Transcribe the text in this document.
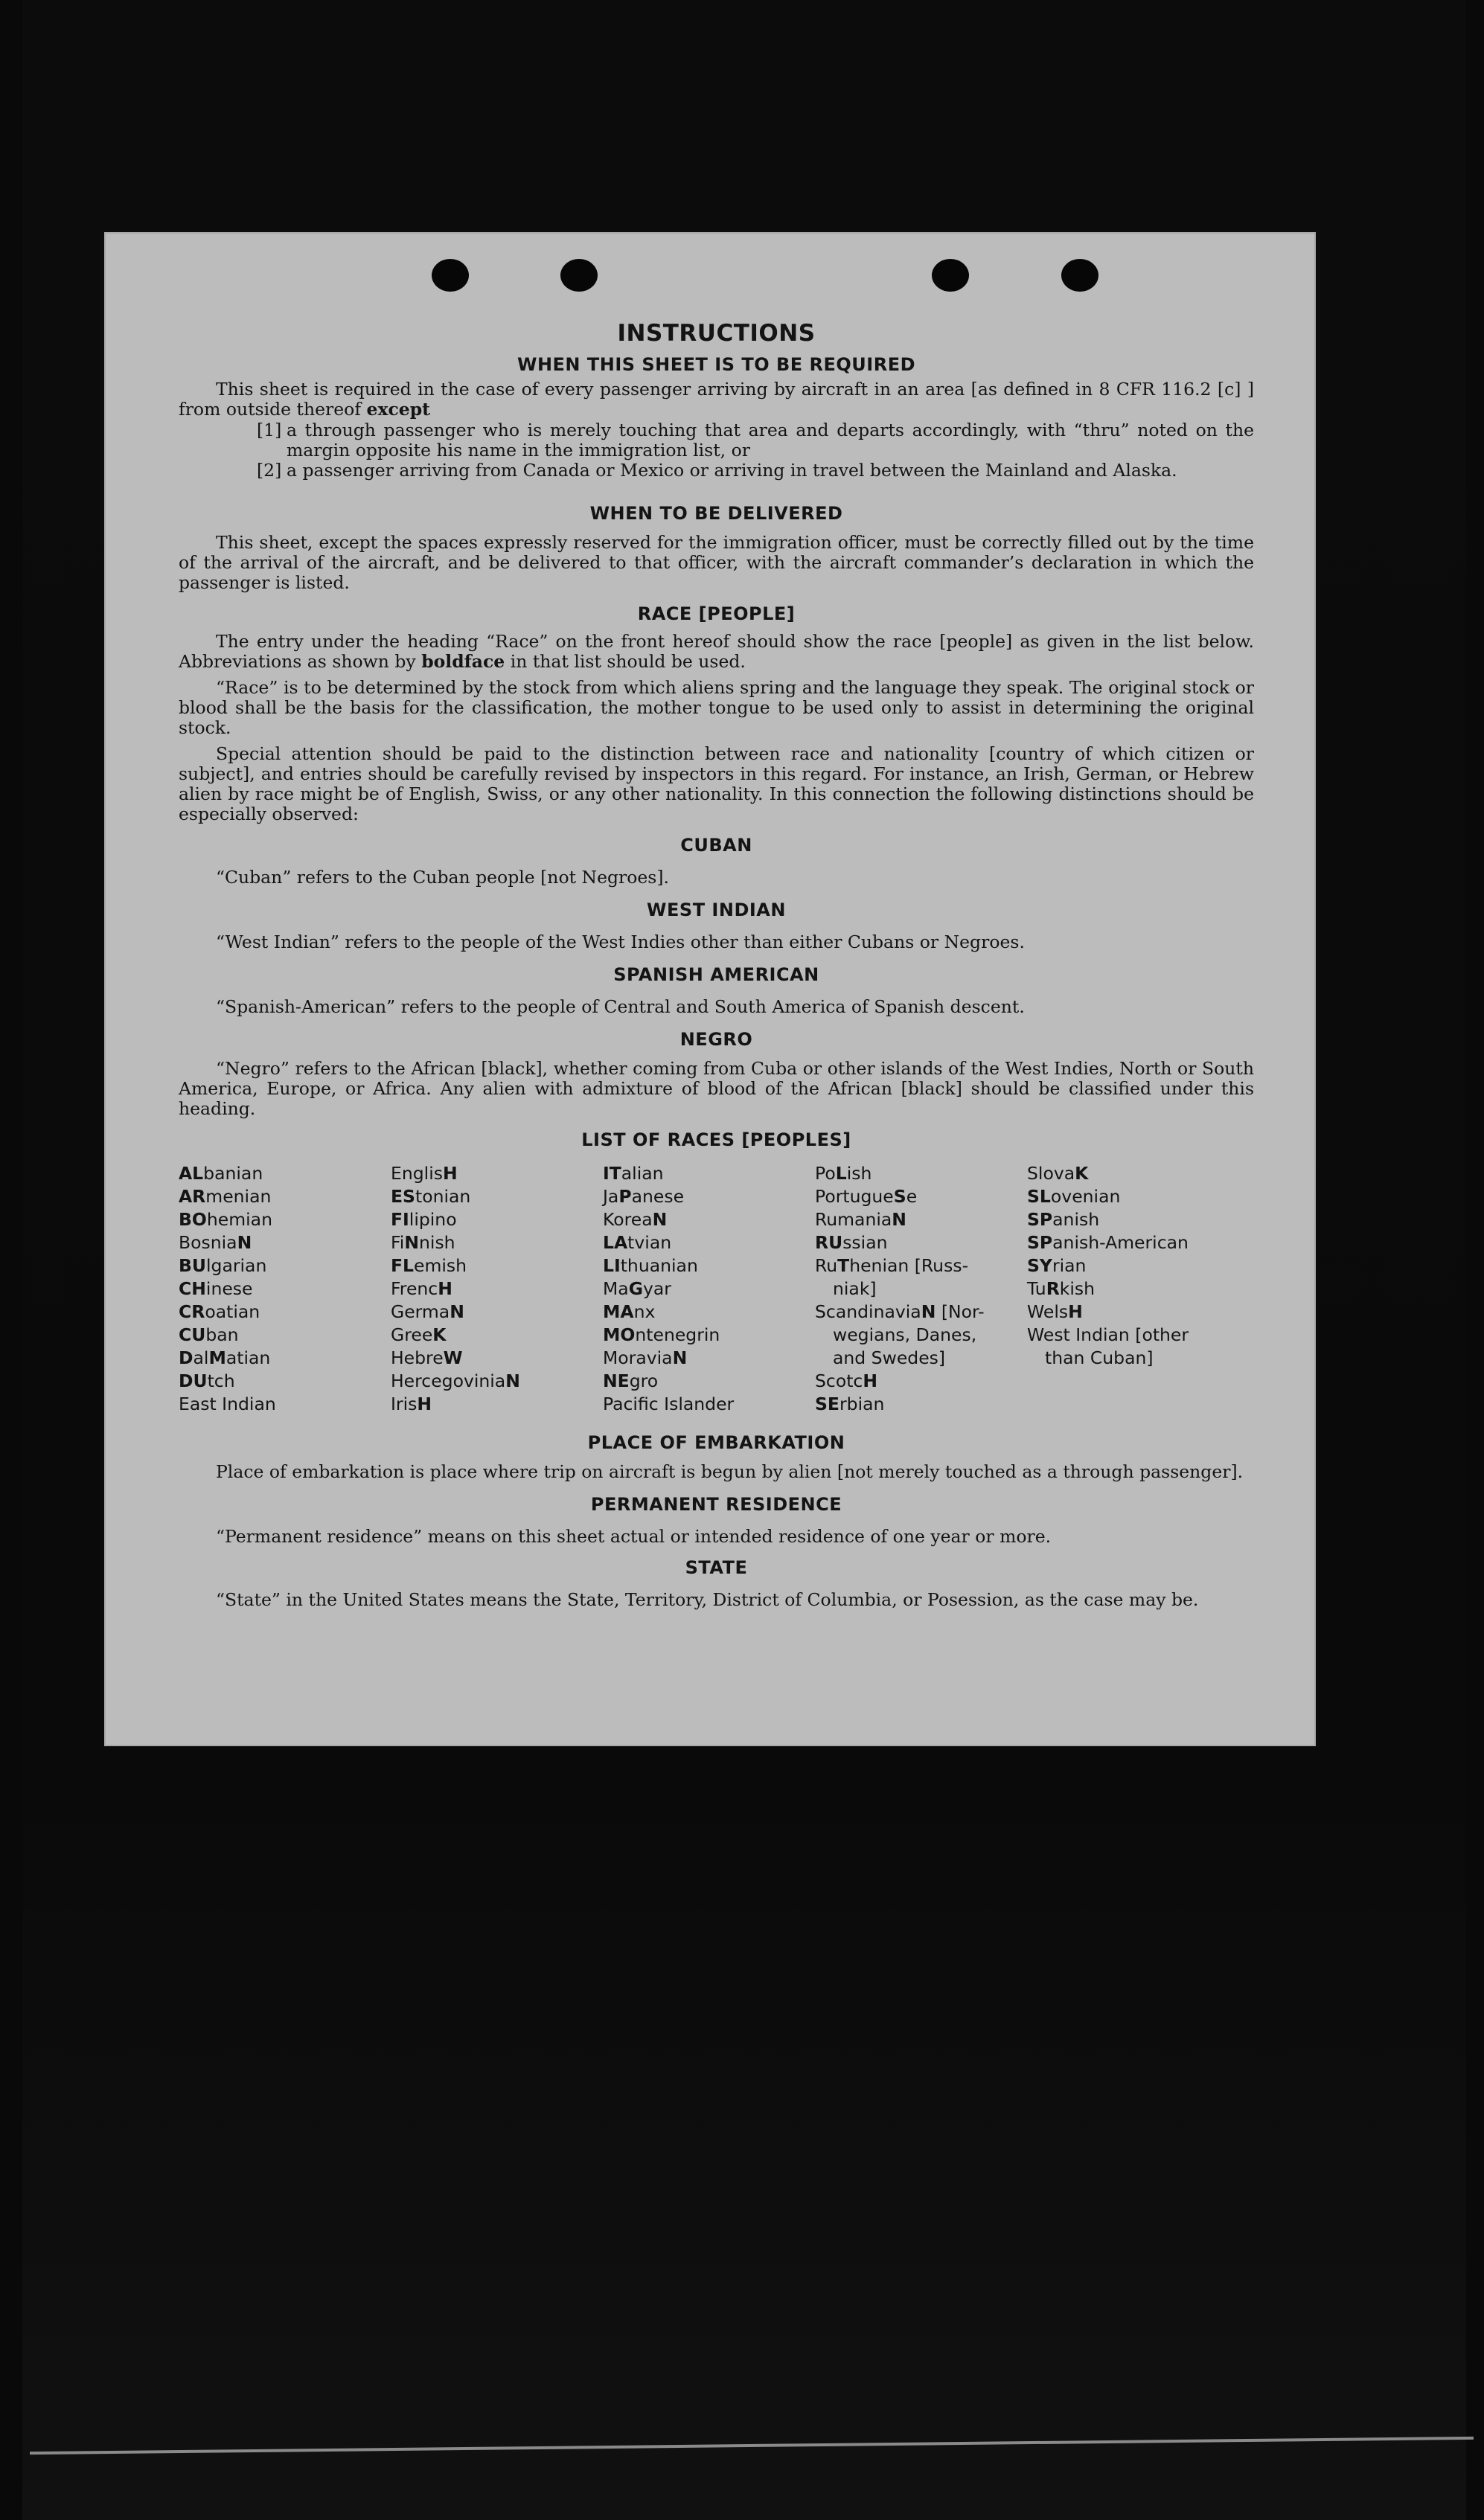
INSTRUCTIONS
WHEN THIS SHEET IS TO BE REQUIRED

This sheet is required in the case of every passenger arriving by aircraft in an area [as defined in 8 CFR 116.2 [c] ] from outside thereof except

[1] a through passenger who is merely touching that area and departs accordingly, with “thru” noted on the margin opposite his name in the immigration list, or
[2] a passenger arriving from Canada or Mexico or arriving in travel between the Mainland and Alaska.
WHEN TO BE DELIVERED

This sheet, except the spaces expressly reserved for the immigration officer, must be correctly filled out by the time of the arrival of the aircraft, and be delivered to that officer, with the aircraft commander’s declaration in which the passenger is listed.

RACE [PEOPLE]

The entry under the heading “Race” on the front hereof should show the race [people] as given in the list below. Abbreviations as shown by boldface in that list should be used.

“Race” is to be determined by the stock from which aliens spring and the language they speak. The original stock or blood shall be the basis for the classification, the mother tongue to be used only to assist in determining the original stock.

Special attention should be paid to the distinction between race and nationality [country of which citizen or subject], and entries should be carefully revised by inspectors in this regard. For instance, an Irish, German, or Hebrew alien by race might be of English, Swiss, or any other nationality. In this connection the following distinctions should be especially observed:

CUBAN

“Cuban” refers to the Cuban people [not Negroes].

WEST INDIAN

“West Indian” refers to the people of the West Indies other than either Cubans or Negroes.

SPANISH AMERICAN

“Spanish-American” refers to the people of Central and South America of Spanish descent.

NEGRO

“Negro” refers to the African [black], whether coming from Cuba or other islands of the West Indies, North or South America, Europe, or Africa. Any alien with admixture of blood of the African [black] should be classified under this heading.

LIST OF RACES [PEOPLES]
ALbanian
ARmenian
BOhemian
BosniaN
BUlgarian
CHinese
CRoatian
CUban
DalMatian
DUtch
East Indian
EnglisH
EStonian
FIlipino
FiNnish
FLemish
FrencH
GermaN
GreeK
HebreW
HercegoviniaN
IrisH
ITalian
JaPanese
KoreaN
LAtvian
LIthuanian
MaGyar
MAnx
MOntenegrin
MoraviaN
NEgro
Pacific Islander
PoLish
PortugueSe
RumaniaN
RUssian
RuThenian [Russ-
niak]
ScandinaviaN [Nor-
wegians, Danes,
and Swedes]
ScotcH
SErbian
SlovaK
SLovenian
SPanish
SPanish-American
SYrian
TuRkish
WelsH
West Indian [other
than Cuban]
PLACE OF EMBARKATION

Place of embarkation is place where trip on aircraft is begun by alien [not merely touched as a through passenger].

PERMANENT RESIDENCE

“Permanent residence” means on this sheet actual or intended residence of one year or more.

STATE

“State” in the United States means the State, Territory, District of Columbia, or Posession, as the case may be.
